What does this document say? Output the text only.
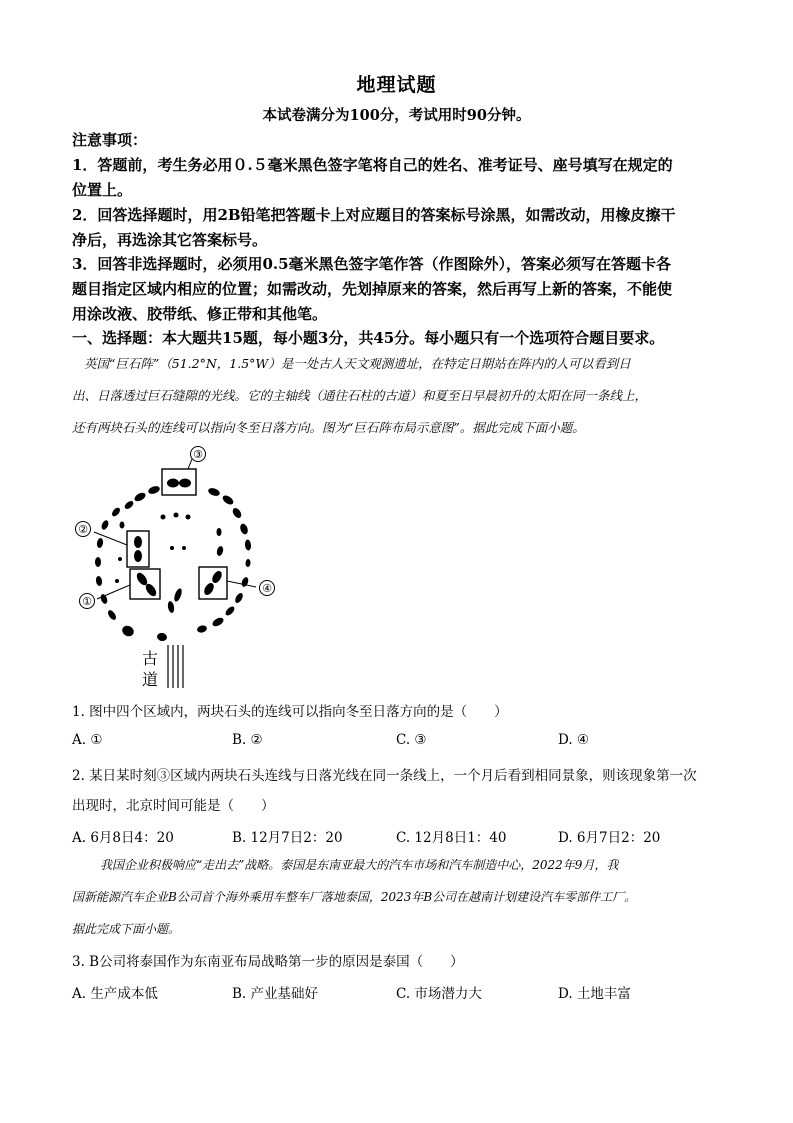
地理试题
本试卷满分为100分，考试用时90分钟。
注意事项：
1．答题前，考生务必用０.５毫米黑色签字笔将自己的姓名、准考证号、座号填写在规定的
位置上。
2．回答选择题时，用2B铅笔把答题卡上对应题目的答案标号涂黑，如需改动，用橡皮擦干
净后，再选涂其它答案标号。
3．回答非选择题时，必须用0.5毫米黑色签字笔作答（作图除外），答案必须写在答题卡各
题目指定区域内相应的位置；如需改动，先划掉原来的答案，然后再写上新的答案，不能使
用涂改液、胶带纸、修正带和其他笔。
一、选择题：本大题共15题，每小题3分，共45分。每小题只有一个选项符合题目要求。
英国“巨石阵”（51.2°N，1.5°W）是一处古人天文观测遗址，在特定日期站在阵内的人可以看到日
出、日落透过巨石缝隙的光线。它的主轴线（通往石柱的古道）和夏至日早晨初升的太阳在同一条线上，
还有两块石头的连线可以指向冬至日落方向。图为“巨石阵布局示意图”。据此完成下面小题。
③
②
①
④
古
道
1. 图中四个区域内，两块石头的连线可以指向冬至日落方向的是（　　）
A. ①	B. ②	C. ③	D. ④
2. 某日某时刻③区域内两块石头连线与日落光线在同一条线上，一个月后看到相同景象，则该现象第一次
出现时，北京时间可能是（　　）
A. 6月8日4：20	B. 12月7日2：20	C. 12月8日1：40	D. 6月7日2：20
我国企业积极响应“走出去”战略。泰国是东南亚最大的汽车市场和汽车制造中心，2022年9月，我
国新能源汽车企业B公司首个海外乘用车整车厂落地泰国，2023年B公司在越南计划建设汽车零部件工厂。
据此完成下面小题。
3. B公司将泰国作为东南亚布局战略第一步的原因是泰国（　　）
A. 生产成本低	B. 产业基础好	C. 市场潜力大	D. 土地丰富
